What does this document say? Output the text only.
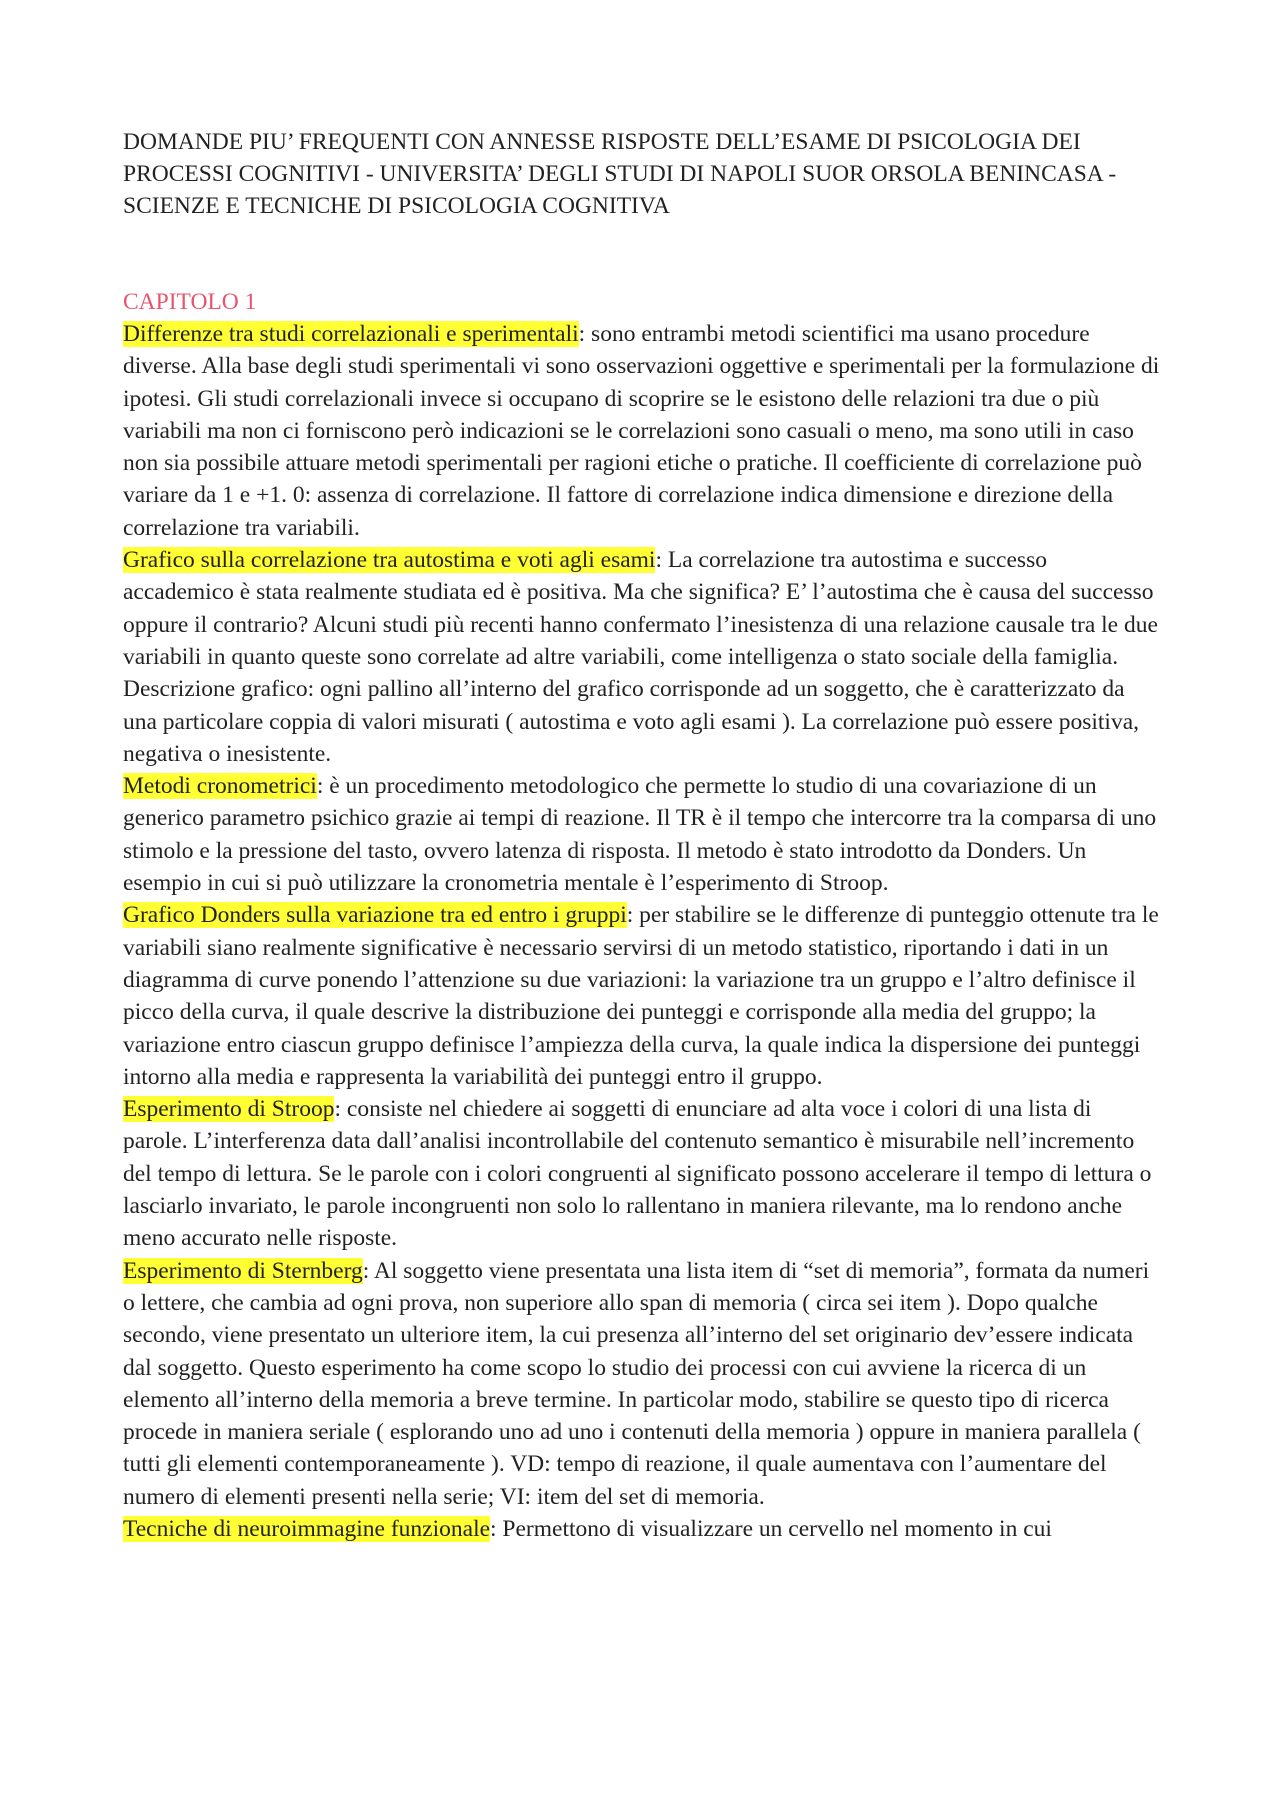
DOMANDE PIU’ FREQUENTI CON ANNESSE RISPOSTE DELL’ESAME DI PSICOLOGIA DEI PROCESSI COGNITIVI - UNIVERSITA’ DEGLI STUDI DI NAPOLI SUOR ORSOLA BENINCASA - SCIENZE E TECNICHE DI PSICOLOGIA COGNITIVA
CAPITOLO 1

Differenze tra studi correlazionali e sperimentali: sono entrambi metodi scientifici ma usano procedure diverse. Alla base degli studi sperimentali vi sono osservazioni oggettive e sperimentali per la formulazione di ipotesi. Gli studi correlazionali invece si occupano di scoprire se le esistono delle relazioni tra due o più variabili ma non ci forniscono però indicazioni se le correlazioni sono casuali o meno, ma sono utili in caso non sia possibile attuare metodi sperimentali per ragioni etiche o pratiche. Il coefficiente di correlazione può variare da 1 e +1. 0: assenza di correlazione. Il fattore di correlazione indica dimensione e direzione della correlazione tra variabili.

Grafico sulla correlazione tra autostima e voti agli esami: La correlazione tra autostima e successo accademico è stata realmente studiata ed è positiva. Ma che significa? E’ l’autostima che è causa del successo oppure il contrario? Alcuni studi più recenti hanno confermato l’inesistenza di una relazione causale tra le due variabili in quanto queste sono correlate ad altre variabili, come intelligenza o stato sociale della famiglia.

Descrizione grafico: ogni pallino all’interno del grafico corrisponde ad un soggetto, che è caratterizzato da una particolare coppia di valori misurati ( autostima e voto agli esami ). La correlazione può essere positiva, negativa o inesistente.

Metodi cronometrici: è un procedimento metodologico che permette lo studio di una covariazione di un generico parametro psichico grazie ai tempi di reazione. Il TR è il tempo che intercorre tra la comparsa di uno stimolo e la pressione del tasto, ovvero latenza di risposta. Il metodo è stato introdotto da Donders. Un esempio in cui si può utilizzare la cronometria mentale è l’esperimento di Stroop.

Grafico Donders sulla variazione tra ed entro i gruppi: per stabilire se le differenze di punteggio ottenute tra le variabili siano realmente significative è necessario servirsi di un metodo statistico, riportando i dati in un diagramma di curve ponendo l’attenzione su due variazioni: la variazione tra un gruppo e l’altro definisce il picco della curva, il quale descrive la distribuzione dei punteggi e corrisponde alla media del gruppo; la variazione entro ciascun gruppo definisce l’ampiezza della curva, la quale indica la dispersione dei punteggi intorno alla media e rappresenta la variabilità dei punteggi entro il gruppo.

Esperimento di Stroop: consiste nel chiedere ai soggetti di enunciare ad alta voce i colori di una lista di parole. L’interferenza data dall’analisi incontrollabile del contenuto semantico è misurabile nell’incremento del tempo di lettura. Se le parole con i colori congruenti al significato possono accelerare il tempo di lettura o lasciarlo invariato, le parole incongruenti non solo lo rallentano in maniera rilevante, ma lo rendono anche meno accurato nelle risposte.

Esperimento di Sternberg: Al soggetto viene presentata una lista item di “set di memoria”, formata da numeri o lettere, che cambia ad ogni prova, non superiore allo span di memoria ( circa sei item ). Dopo qualche secondo, viene presentato un ulteriore item, la cui presenza all’interno del set originario dev’essere indicata dal soggetto. Questo esperimento ha come scopo lo studio dei processi con cui avviene la ricerca di un elemento all’interno della memoria a breve termine. In particolar modo, stabilire se questo tipo di ricerca procede in maniera seriale ( esplorando uno ad uno i contenuti della memoria ) oppure in maniera parallela ( tutti gli elementi contemporaneamente ). VD: tempo di reazione, il quale aumentava con l’aumentare del numero di elementi presenti nella serie; VI: item del set di memoria.

Tecniche di neuroimmagine funzionale: Permettono di visualizzare un cervello nel momento in cui
